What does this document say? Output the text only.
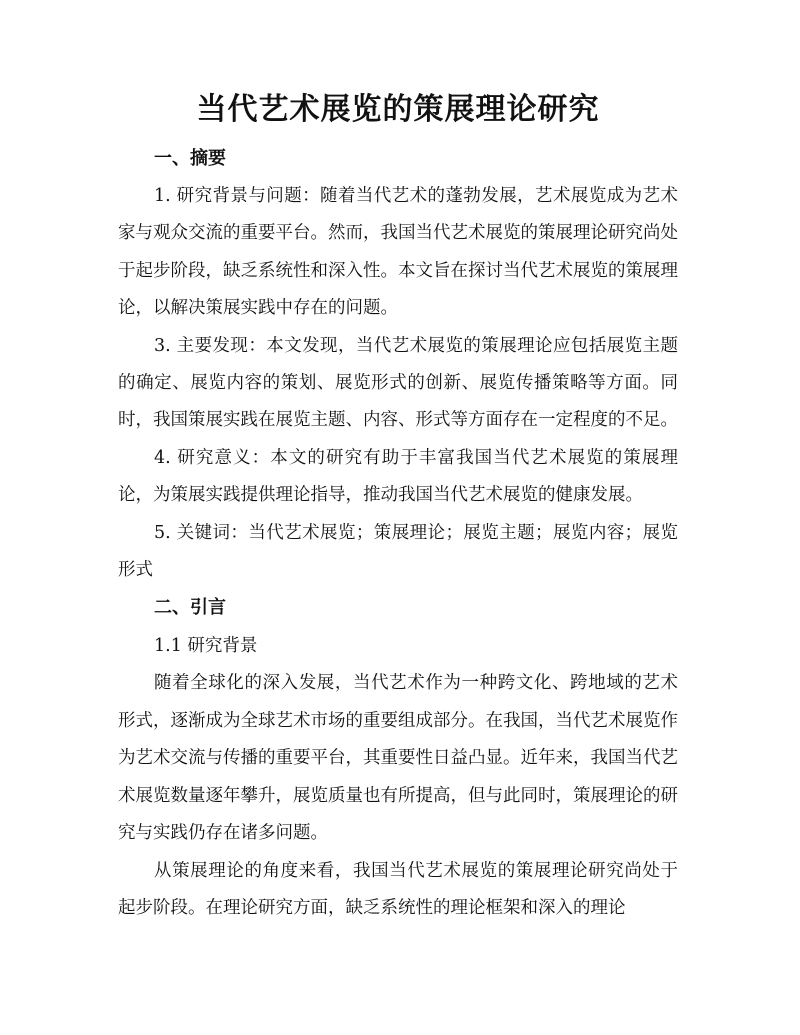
当代艺术展览的策展理论研究
一、摘要

1. 研究背景与问题：随着当代艺术的蓬勃发展，艺术展览成为艺术家与观众交流的重要平台。然而，我国当代艺术展览的策展理论研究尚处于起步阶段，缺乏系统性和深入性。本文旨在探讨当代艺术展览的策展理论，以解决策展实践中存在的问题。

3. 主要发现：本文发现，当代艺术展览的策展理论应包括展览主题的确定、展览内容的策划、展览形式的创新、展览传播策略等方面。同时，我国策展实践在展览主题、内容、形式等方面存在一定程度的不足。

4. 研究意义：本文的研究有助于丰富我国当代艺术展览的策展理论，为策展实践提供理论指导，推动我国当代艺术展览的健康发展。

5. 关键词：当代艺术展览；策展理论；展览主题；展览内容；展览形式

二、引言

1.1 研究背景

随着全球化的深入发展，当代艺术作为一种跨文化、跨地域的艺术形式，逐渐成为全球艺术市场的重要组成部分。在我国，当代艺术展览作为艺术交流与传播的重要平台，其重要性日益凸显。近年来，我国当代艺术展览数量逐年攀升，展览质量也有所提高，但与此同时，策展理论的研究与实践仍存在诸多问题。

从策展理论的角度来看，我国当代艺术展览的策展理论研究尚处于起步阶段。在理论研究方面，缺乏系统性的理论框架和深入的理论
